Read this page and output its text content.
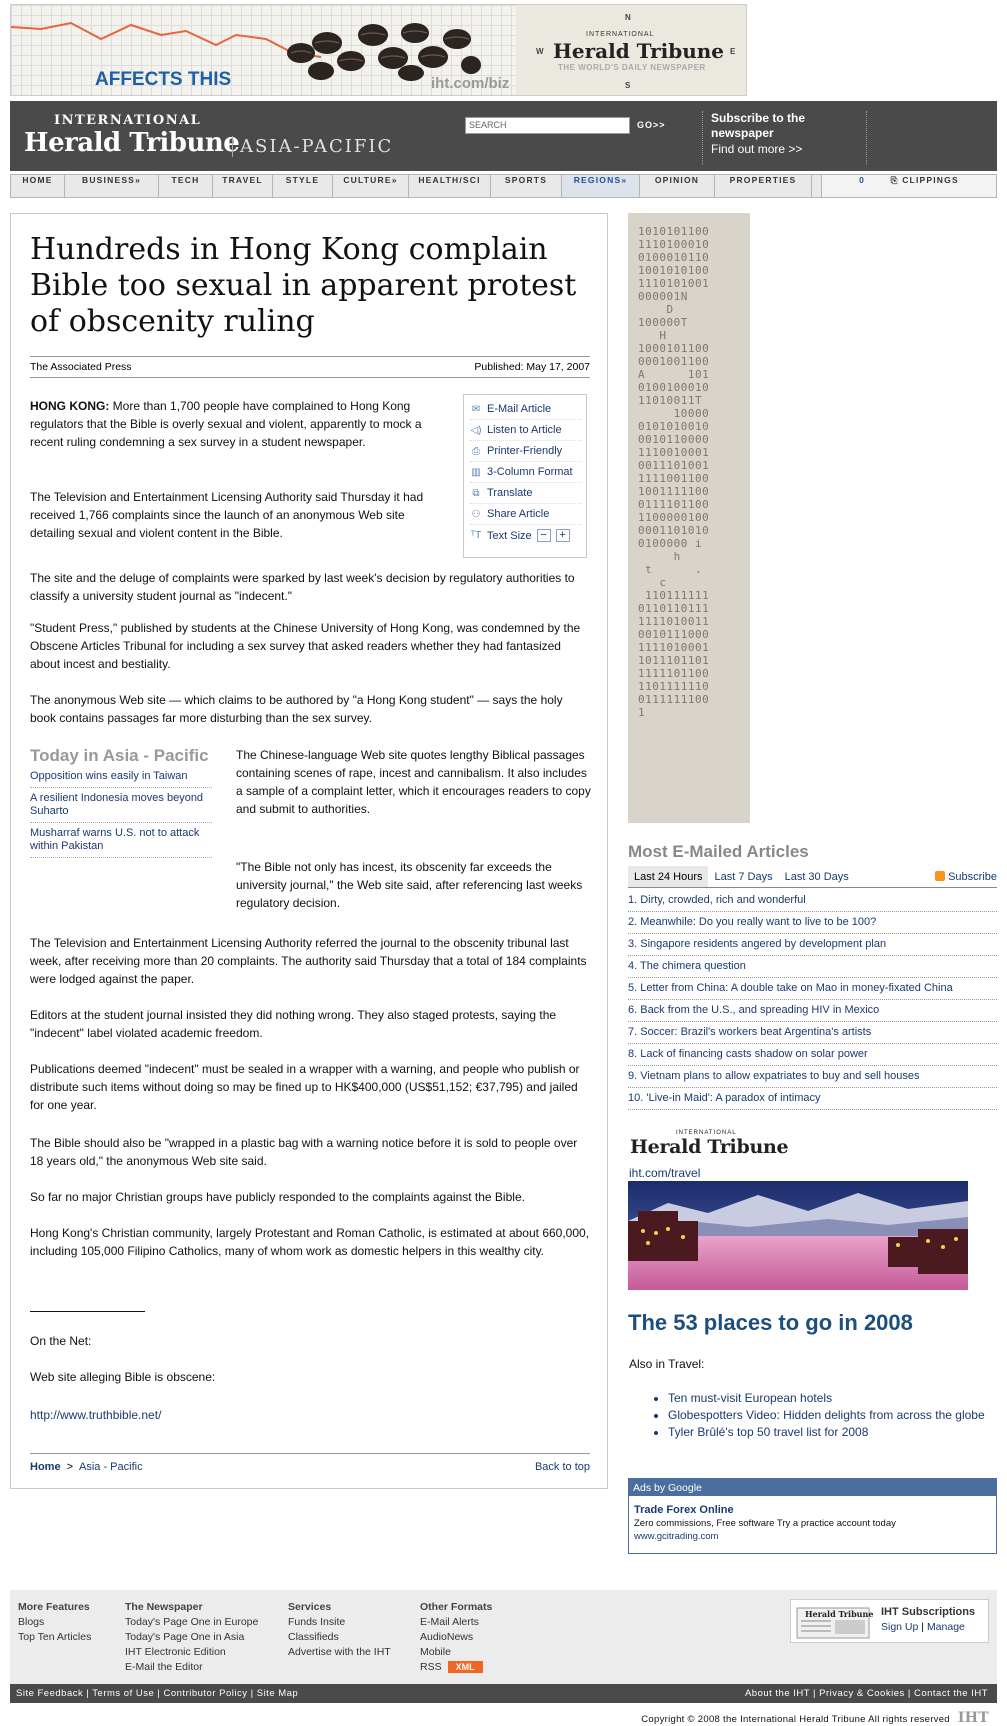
AFFECTS THIS	iht.com/biz
N
W	E
S
INTERNATIONAL
Herald Tribune
THE WORLD'S DAILY NEWSPAPER
INTERNATIONAL
Herald Tribune ASIA-PACIFIC
SEARCH	GO>>	Subscribe to the
newspaper
Find out more >>
HOME	BUSINESS»	TECH	TRAVEL	STYLE	CULTURE»	HEALTH/SCI	SPORTS	REGIONS»	OPINION	PROPERTIES	0	⎘ CLIPPINGS
Hundreds in Hong Kong complain Bible too sexual in apparent protest of obscenity ruling
The Associated Press	Published: May 17, 2007
HONG KONG: More than 1,700 people have complained to Hong Kong regulators that the Bible is overly sexual and violent, apparently to mock a recent ruling condemning a sex survey in a student newspaper.
The Television and Entertainment Licensing Authority said Thursday it had received 1,766 complaints since the launch of an anonymous Web site detailing sexual and violent content in the Bible.
✉ E-Mail Article
◁) Listen to Article
⎙ Printer-Friendly
▥ 3-Column Format
⧉ Translate
⚇ Share Article
ᵀT Text Size −	+
The site and the deluge of complaints were sparked by last week's decision by regulatory authorities to classify a university student journal as "indecent."
"Student Press," published by students at the Chinese University of Hong Kong, was condemned by the Obscene Articles Tribunal for including a sex survey that asked readers whether they had fantasized about incest and bestiality.
The anonymous Web site — which claims to be authored by "a Hong Kong student" — says the holy book contains passages far more disturbing than the sex survey.
Today in Asia - Pacific
Opposition wins easily in Taiwan
A resilient Indonesia moves beyond Suharto
Musharraf warns U.S. not to attack within Pakistan
The Chinese-language Web site quotes lengthy Biblical passages containing scenes of rape, incest and cannibalism. It also includes a sample of a complaint letter, which it encourages readers to copy and submit to authorities.
"The Bible not only has incest, its obscenity far exceeds the university journal," the Web site said, after referencing last weeks regulatory decision.
The Television and Entertainment Licensing Authority referred the journal to the obscenity tribunal last week, after receiving more than 20 complaints. The authority said Thursday that a total of 184 complaints were lodged against the paper.
Editors at the student journal insisted they did nothing wrong. They also staged protests, saying the "indecent" label violated academic freedom.
Publications deemed "indecent" must be sealed in a wrapper with a warning, and people who publish or distribute such items without doing so may be fined up to HK$400,000 (US$51,152; €37,795) and jailed for one year.
The Bible should also be "wrapped in a plastic bag with a warning notice before it is sold to people over 18 years old," the anonymous Web site said.
So far no major Christian groups have publicly responded to the complaints against the Bible.
Hong Kong's Christian community, largely Protestant and Roman Catholic, is estimated at about 660,000, including 105,000 Filipino Catholics, many of whom work as domestic helpers in this wealthy city.
On the Net:
Web site alleging Bible is obscene:
http://www.truthbible.net/
Home > Asia - Pacific	Back to top
1010101100
1110100010
0100010110
1001010100
1110101001
000001N
D
100000T
H
1000101100
0001001100
A      101
0100100010
11010011T
10000
0101010010
0010110000
1110010001
0011101001
1111001100
1001111100
0111101100
1100000100
0001101010
0100000 i
h
t      .
c
110111111
0110110111
1111010011
0010111000
1111010001
1011101101
1111101100
1101111110
0111111100
1
Most E-Mailed Articles
Last 24 Hours	Last 7 Days	Last 30 Days	Subscribe
1. Dirty, crowded, rich and wonderful
2. Meanwhile: Do you really want to live to be 100?
3. Singapore residents angered by development plan
4. The chimera question
5. Letter from China: A double take on Mao in money-fixated China
6. Back from the U.S., and spreading HIV in Mexico
7. Soccer: Brazil's workers beat Argentina's artists
8. Lack of financing casts shadow on solar power
9. Vietnam plans to allow expatriates to buy and sell houses
10. 'Live-in Maid': A paradox of intimacy
INTERNATIONAL
Herald Tribune
iht.com/travel
The 53 places to go in 2008
Also in Travel:
• Ten must-visit European hotels
• Globespotters Video: Hidden delights from across the globe
• Tyler Brûlé's top 50 travel list for 2008
Ads by Google
Trade Forex Online
Zero commissions, Free software Try a practice account today
www.gcitrading.com
More Features
Blogs
Top Ten Articles
The Newspaper
Today's Page One in Europe
Today's Page One in Asia
IHT Electronic Edition
E-Mail the Editor
Services
Funds Insite
Classifieds
Advertise with the IHT
Other Formats
E-Mail Alerts
AudioNews
Mobile
RSS XML
Herald Tribune IHT Subscriptions
Sign Up | Manage
Site Feedback | Terms of Use | Contributor Policy | Site Map	About the IHT | Privacy & Cookies | Contact the IHT
Copyright © 2008 the International Herald Tribune All rights reserved IHT
